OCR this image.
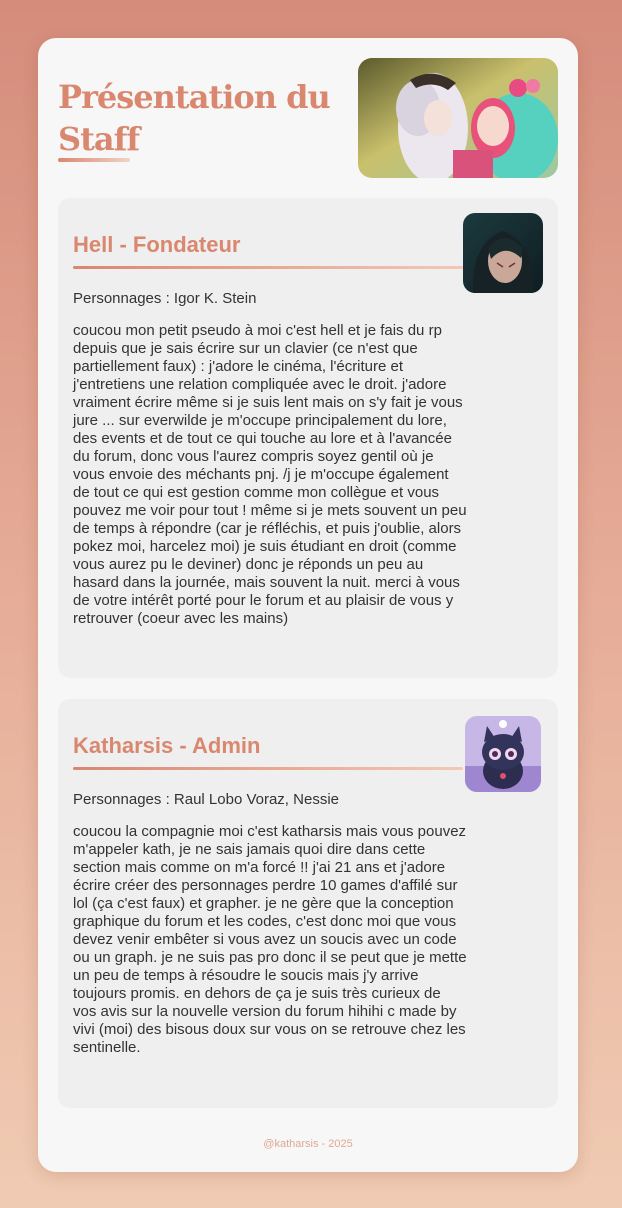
Présentation du Staff
Hell - Fondateur
Personnages : Igor K. Stein
coucou mon petit pseudo à moi c'est hell et je fais du rp depuis que je sais écrire sur un clavier (ce n'est que partiellement faux) : j'adore le cinéma, l'écriture et j'entretiens une relation compliquée avec le droit. j'adore vraiment écrire même si je suis lent mais on s'y fait je vous jure ... sur everwilde je m'occupe principalement du lore, des events et de tout ce qui touche au lore et à l'avancée du forum, donc vous l'aurez compris soyez gentil où je vous envoie des méchants pnj. /j je m'occupe également de tout ce qui est gestion comme mon collègue et vous pouvez me voir pour tout ! même si je mets souvent un peu de temps à répondre (car je réfléchis, et puis j'oublie, alors pokez moi, harcelez moi) je suis étudiant en droit (comme vous aurez pu le deviner) donc je réponds un peu au hasard dans la journée, mais souvent la nuit. merci à vous de votre intérêt porté pour le forum et au plaisir de vous y retrouver (coeur avec les mains)
Katharsis - Admin
Personnages : Raul Lobo Voraz, Nessie
coucou la compagnie moi c'est katharsis mais vous pouvez m'appeler kath, je ne sais jamais quoi dire dans cette section mais comme on m'a forcé !! j'ai 21 ans et j'adore écrire créer des personnages perdre 10 games d'affilé sur lol (ça c'est faux) et grapher. je ne gère que la conception graphique du forum et les codes, c'est donc moi que vous devez venir embêter si vous avez un soucis avec un code ou un graph. je ne suis pas pro donc il se peut que je mette un peu de temps à résoudre le soucis mais j'y arrive toujours promis. en dehors de ça je suis très curieux de vos avis sur la nouvelle version du forum hihihi c made by vivi (moi) des bisous doux sur vous on se retrouve chez les sentinelle.
@katharsis - 2025
